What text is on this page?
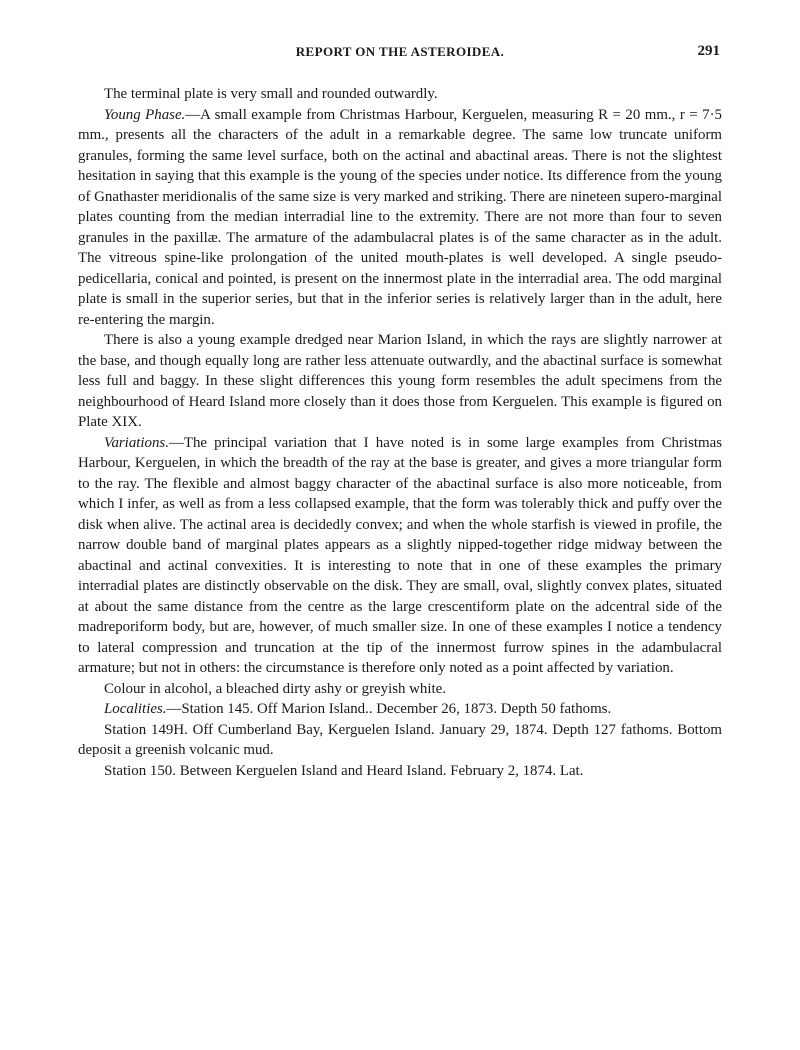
REPORT ON THE ASTEROIDEA.	291

The terminal plate is very small and rounded outwardly.

Young Phase.—A small example from Christmas Harbour, Kerguelen, measuring R = 20 mm., r = 7·5 mm., presents all the characters of the adult in a remarkable degree. The same low truncate uniform granules, forming the same level surface, both on the actinal and abactinal areas. There is not the slightest hesitation in saying that this example is the young of the species under notice. Its difference from the young of Gnathaster meridionalis of the same size is very marked and striking. There are nineteen supero-marginal plates counting from the median interradial line to the extremity. There are not more than four to seven granules in the paxillæ. The armature of the adambulacral plates is of the same character as in the adult. The vitreous spine-like prolongation of the united mouth-plates is well developed. A single pseudo-pedicellaria, conical and pointed, is present on the innermost plate in the interradial area. The odd marginal plate is small in the superior series, but that in the inferior series is relatively larger than in the adult, here re-entering the margin.

There is also a young example dredged near Marion Island, in which the rays are slightly narrower at the base, and though equally long are rather less attenuate outwardly, and the abactinal surface is somewhat less full and baggy. In these slight differences this young form resembles the adult specimens from the neighbourhood of Heard Island more closely than it does those from Kerguelen. This example is figured on Plate XIX.

Variations.—The principal variation that I have noted is in some large examples from Christmas Harbour, Kerguelen, in which the breadth of the ray at the base is greater, and gives a more triangular form to the ray. The flexible and almost baggy character of the abactinal surface is also more noticeable, from which I infer, as well as from a less collapsed example, that the form was tolerably thick and puffy over the disk when alive. The actinal area is decidedly convex; and when the whole starfish is viewed in profile, the narrow double band of marginal plates appears as a slightly nipped-together ridge midway between the abactinal and actinal convexities. It is interesting to note that in one of these examples the primary interradial plates are distinctly observable on the disk. They are small, oval, slightly convex plates, situated at about the same distance from the centre as the large crescentiform plate on the adcentral side of the madreporiform body, but are, however, of much smaller size. In one of these examples I notice a tendency to lateral compression and truncation at the tip of the innermost furrow spines in the adambulacral armature; but not in others: the circumstance is therefore only noted as a point affected by variation.

Colour in alcohol, a bleached dirty ashy or greyish white.

Localities.—Station 145. Off Marion Island.. December 26, 1873. Depth 50 fathoms.

Station 149H. Off Cumberland Bay, Kerguelen Island. January 29, 1874. Depth 127 fathoms. Bottom deposit a greenish volcanic mud.

Station 150. Between Kerguelen Island and Heard Island. February 2, 1874. Lat.
